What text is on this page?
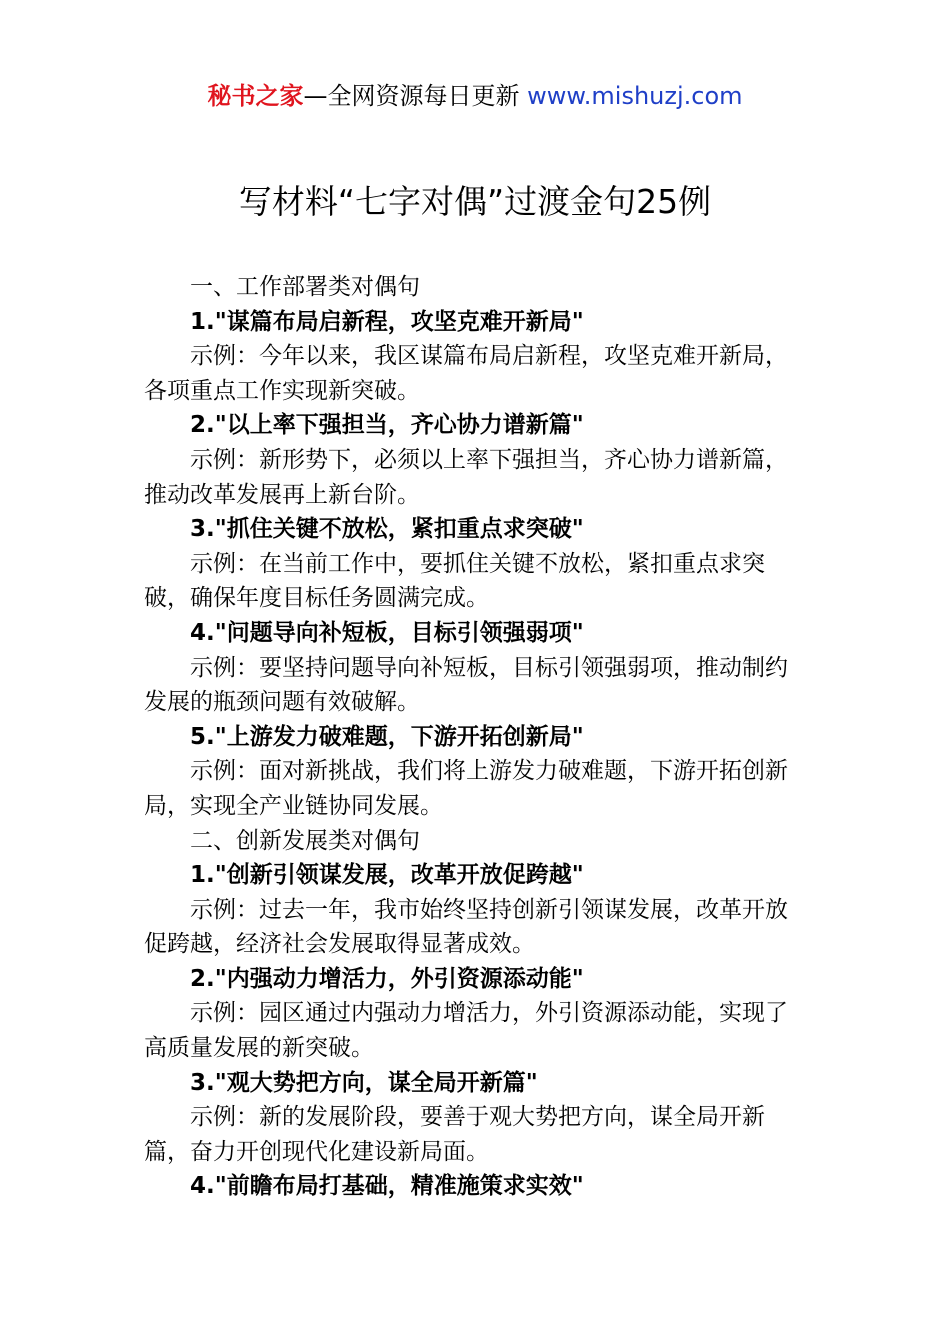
秘书之家—全网资源每日更新 www.mishuzj.com
写材料“七字对偶”过渡金句25例

一、工作部署类对偶句

1."谋篇布局启新程，攻坚克难开新局"

示例：今年以来，我区谋篇布局启新程，攻坚克难开新局，各项重点工作实现新突破。

2."以上率下强担当，齐心协力谱新篇"

示例：新形势下，必须以上率下强担当，齐心协力谱新篇，推动改革发展再上新台阶。

3."抓住关键不放松，紧扣重点求突破"

示例：在当前工作中，要抓住关键不放松，紧扣重点求突破，确保年度目标任务圆满完成。

4."问题导向补短板，目标引领强弱项"

示例：要坚持问题导向补短板，目标引领强弱项，推动制约发展的瓶颈问题有效破解。

5."上游发力破难题，下游开拓创新局"

示例：面对新挑战，我们将上游发力破难题，下游开拓创新局，实现全产业链协同发展。

二、创新发展类对偶句

1."创新引领谋发展，改革开放促跨越"

示例：过去一年，我市始终坚持创新引领谋发展，改革开放促跨越，经济社会发展取得显著成效。

2."内强动力增活力，外引资源添动能"

示例：园区通过内强动力增活力，外引资源添动能，实现了高质量发展的新突破。

3."观大势把方向，谋全局开新篇"

示例：新的发展阶段，要善于观大势把方向，谋全局开新篇，奋力开创现代化建设新局面。

4."前瞻布局打基础，精准施策求实效"
